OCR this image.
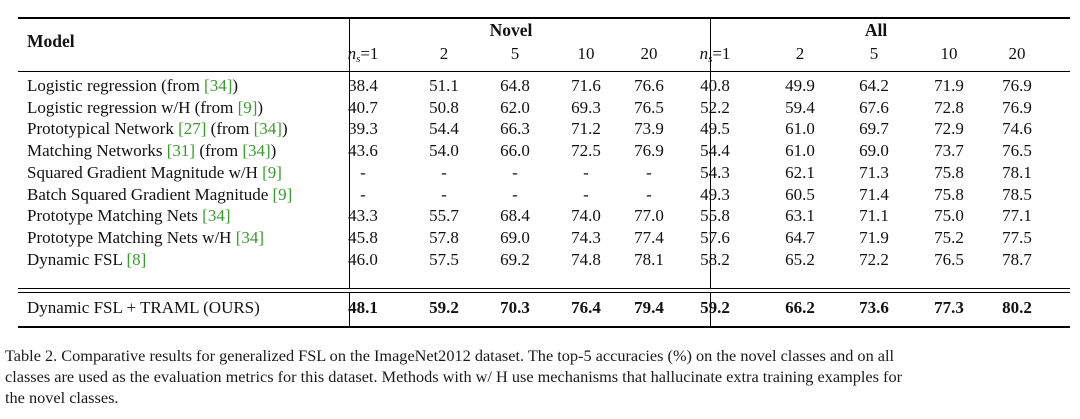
Model
Novel	All
$n_s=1$	2	5	10	20 $n_s=1$	2	5	10	20
Logistic regression (from [34])	38.4	51.1 64.8 71.6 76.6 40.8	49.9	64.2	71.9 76.9
Logistic regression w/H (from [9])	40.7	50.8 62.0 69.3 76.5 52.2	59.4	67.6	72.8 76.9
Prototypical Network [27] (from [34])	39.3	54.4 66.3 71.2 73.9 49.5	61.0	69.7	72.9 74.6
Matching Networks [31] (from [34])	43.6	54.0 66.0 72.5 76.9 54.4	61.0	69.0	73.7 76.5
Squared Gradient Magnitude w/H [9]	-	-	-	-	-	54.3	62.1	71.3	75.8 78.1
Batch Squared Gradient Magnitude [9]	-	-	-	-	-	49.3	60.5	71.4	75.8 78.5
Prototype Matching Nets [34]	43.3	55.7 68.4 74.0 77.0 55.8	63.1	71.1	75.0 77.1
Prototype Matching Nets w/H [34]	45.8	57.8 69.0 74.3 77.4 57.6	64.7	71.9	75.2 77.5
Dynamic FSL [8]	46.0	57.5 69.2 74.8 78.1 58.2	65.2	72.2	76.5 78.7
Dynamic FSL + TRAML (OURS)	48.1	59.2 70.3 76.4 79.4 59.2	66.2	73.6	77.3 80.2
Table 2. Comparative results for generalized FSL on the ImageNet2012 dataset. The top-5 accuracies (%) on the novel classes and on all
classes are used as the evaluation metrics for this dataset. Methods with w/ H use mechanisms that hallucinate extra training examples for
the novel classes.
